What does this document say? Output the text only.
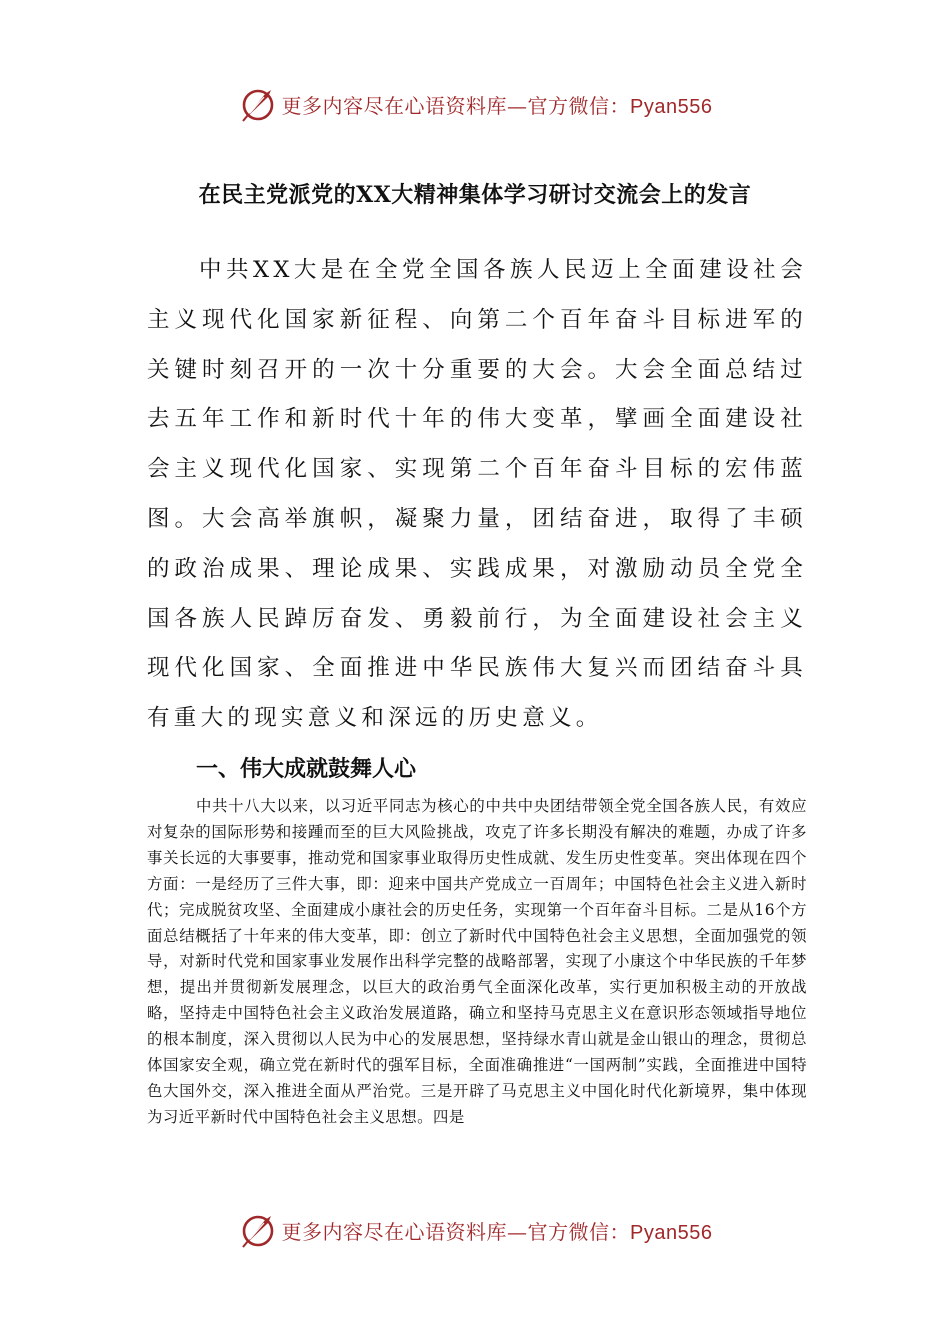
更多内容尽在心语资料库—官方微信：Pyan556
在民主党派党的XX大精神集体学习研讨交流会上的发言

中共XX大是在全党全国各族人民迈上全面建设社会主义现代化国家新征程、向第二个百年奋斗目标进军的关键时刻召开的一次十分重要的大会。大会全面总结过去五年工作和新时代十年的伟大变革，擘画全面建设社会主义现代化国家、实现第二个百年奋斗目标的宏伟蓝图。大会高举旗帜，凝聚力量，团结奋进，取得了丰硕的政治成果、理论成果、实践成果，对激励动员全党全国各族人民踔厉奋发、勇毅前行，为全面建设社会主义现代化国家、全面推进中华民族伟大复兴而团结奋斗具有重大的现实意义和深远的历史意义。

一、伟大成就鼓舞人心

中共十八大以来，以习近平同志为核心的中共中央团结带领全党全国各族人民，有效应对复杂的国际形势和接踵而至的巨大风险挑战，攻克了许多长期没有解决的难题，办成了许多事关长远的大事要事，推动党和国家事业取得历史性成就、发生历史性变革。突出体现在四个方面：一是经历了三件大事，即：迎来中国共产党成立一百周年；中国特色社会主义进入新时代；完成脱贫攻坚、全面建成小康社会的历史任务，实现第一个百年奋斗目标。二是从16个方面总结概括了十年来的伟大变革，即：创立了新时代中国特色社会主义思想，全面加强党的领导，对新时代党和国家事业发展作出科学完整的战略部署，实现了小康这个中华民族的千年梦想，提出并贯彻新发展理念，以巨大的政治勇气全面深化改革，实行更加积极主动的开放战略，坚持走中国特色社会主义政治发展道路，确立和坚持马克思主义在意识形态领域指导地位的根本制度，深入贯彻以人民为中心的发展思想，坚持绿水青山就是金山银山的理念，贯彻总体国家安全观，确立党在新时代的强军目标，全面准确推进“一国两制”实践，全面推进中国特色大国外交，深入推进全面从严治党。三是开辟了马克思主义中国化时代化新境界，集中体现为习近平新时代中国特色社会主义思想。四是

更多内容尽在心语资料库—官方微信：Pyan556
